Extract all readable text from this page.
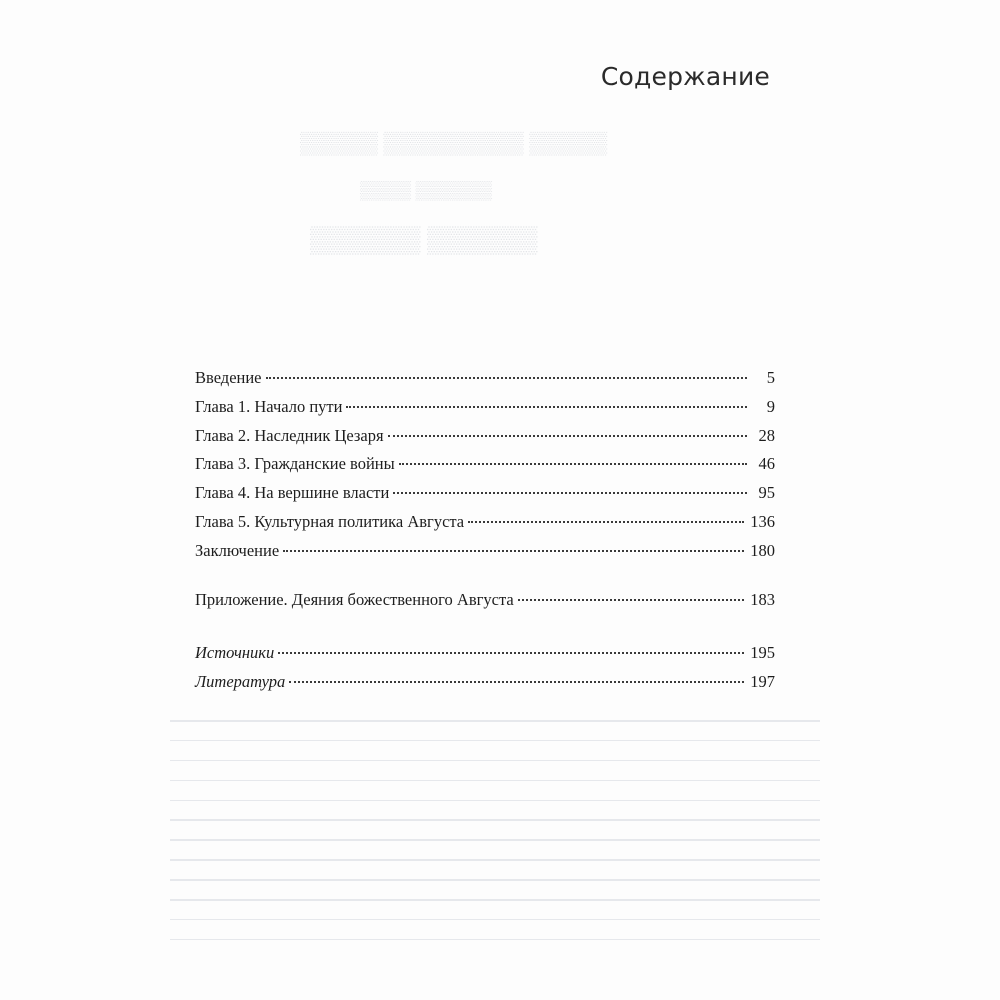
▒▒▒▒▒ ▒▒▒▒▒▒▒▒▒ ▒▒▒▒▒
▒▒▒▒ ▒▒▒▒▒▒
▒▒▒▒▒▒ ▒▒▒▒▒▒
Содержание
Введение	5
Глава 1. Начало пути	9
Глава 2. Наследник Цезаря	28
Глава 3. Гражданские войны	46
Глава 4. На вершине власти	95
Глава 5. Культурная политика Августа	136
Заключение	180
Приложение. Деяния божественного Августа	183
Источники	195
Литература	197
